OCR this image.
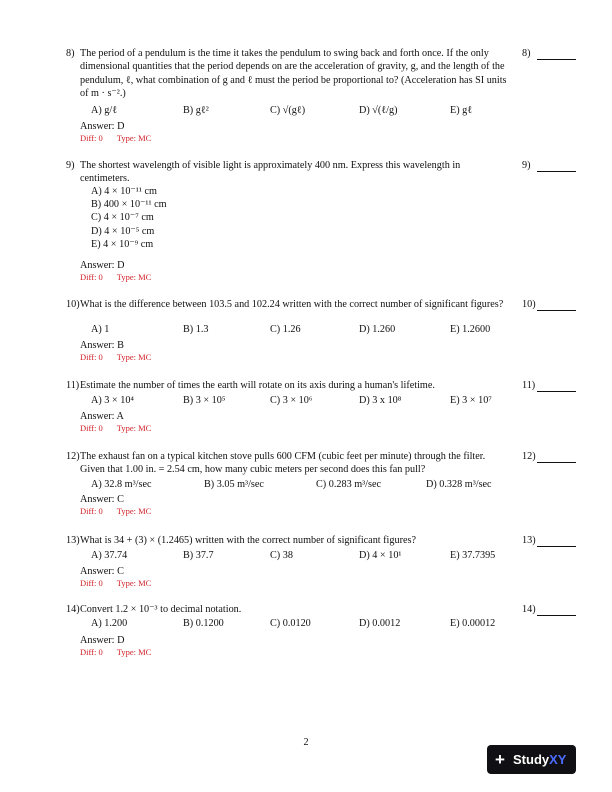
8) The period of a pendulum is the time it takes the pendulum to swing back and forth once. If the only dimensional quantities that the period depends on are the acceleration of gravity, g, and the length of the pendulum, ℓ, what combination of g and ℓ must the period be proportional to? (Acceleration has SI units of m · s⁻².)
8)
A) g/ℓ	B) gℓ²	C) √(gℓ)	D) √(ℓ/g)	E) gℓ
Answer: D
Diff: 0 Type: MC
9) The shortest wavelength of visible light is approximately 400 nm. Express this wavelength in centimeters.
9)
A) 4 × 10⁻¹¹ cm
B) 400 × 10⁻¹¹ cm
C) 4 × 10⁻⁷ cm
D) 4 × 10⁻⁵ cm
E) 4 × 10⁻⁹ cm
Answer: D
Diff: 0 Type: MC
10) What is the difference between 103.5 and 102.24 written with the correct number of significant figures?	10)
A) 1	B) 1.3	C) 1.26	D) 1.260	E) 1.2600
Answer: B
Diff: 0 Type: MC
11) Estimate the number of times the earth will rotate on its axis during a human's lifetime.	11)
A) 3 × 10⁴	B) 3 × 10⁵	C) 3 × 10⁶	D) 3 x 10⁸	E) 3 × 10⁷
Answer: A
Diff: 0 Type: MC
12) The exhaust fan on a typical kitchen stove pulls 600 CFM (cubic feet per minute) through the filter. Given that 1.00 in. = 2.54 cm, how many cubic meters per second does this fan pull?
12)
A) 32.8 m³/sec	B) 3.05 m³/sec	C) 0.283 m³/sec	D) 0.328 m³/sec
Answer: C
Diff: 0 Type: MC
13) What is 34 + (3) × (1.2465) written with the correct number of significant figures?	13)
A) 37.74	B) 37.7	C) 38	D) 4 × 10¹	E) 37.7395
Answer: C
Diff: 0 Type: MC
14) Convert 1.2 × 10⁻³ to decimal notation.	14)
A) 1.200	B) 0.1200	C) 0.0120	D) 0.0012	E) 0.00012
Answer: D
Diff: 0 Type: MC
2
+ StudyXY
